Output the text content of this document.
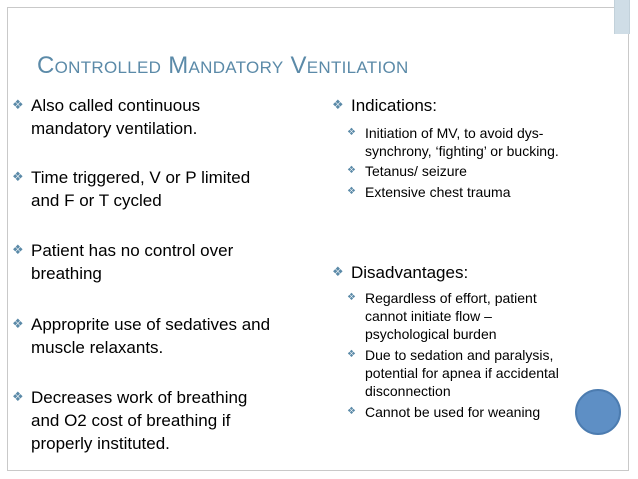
Controlled Mandatory Ventilation
❖ Also called continuous
mandatory ventilation.
❖ Time triggered, V or P limited
and F or T cycled
❖ Patient has no control over
breathing
❖ Approprite use of sedatives and
muscle relaxants.
❖ Decreases work of breathing
and O2 cost of breathing if
properly instituted.
❖ Indications:
❖ Initiation of MV, to avoid dys-
synchrony, ‘fighting’ or bucking.
❖ Tetanus/ seizure
❖ Extensive chest trauma
❖ Disadvantages:
❖ Regardless of effort, patient
cannot initiate flow –
psychological burden
❖ Due to sedation and paralysis,
potential for apnea if accidental
disconnection
❖ Cannot be used for weaning
